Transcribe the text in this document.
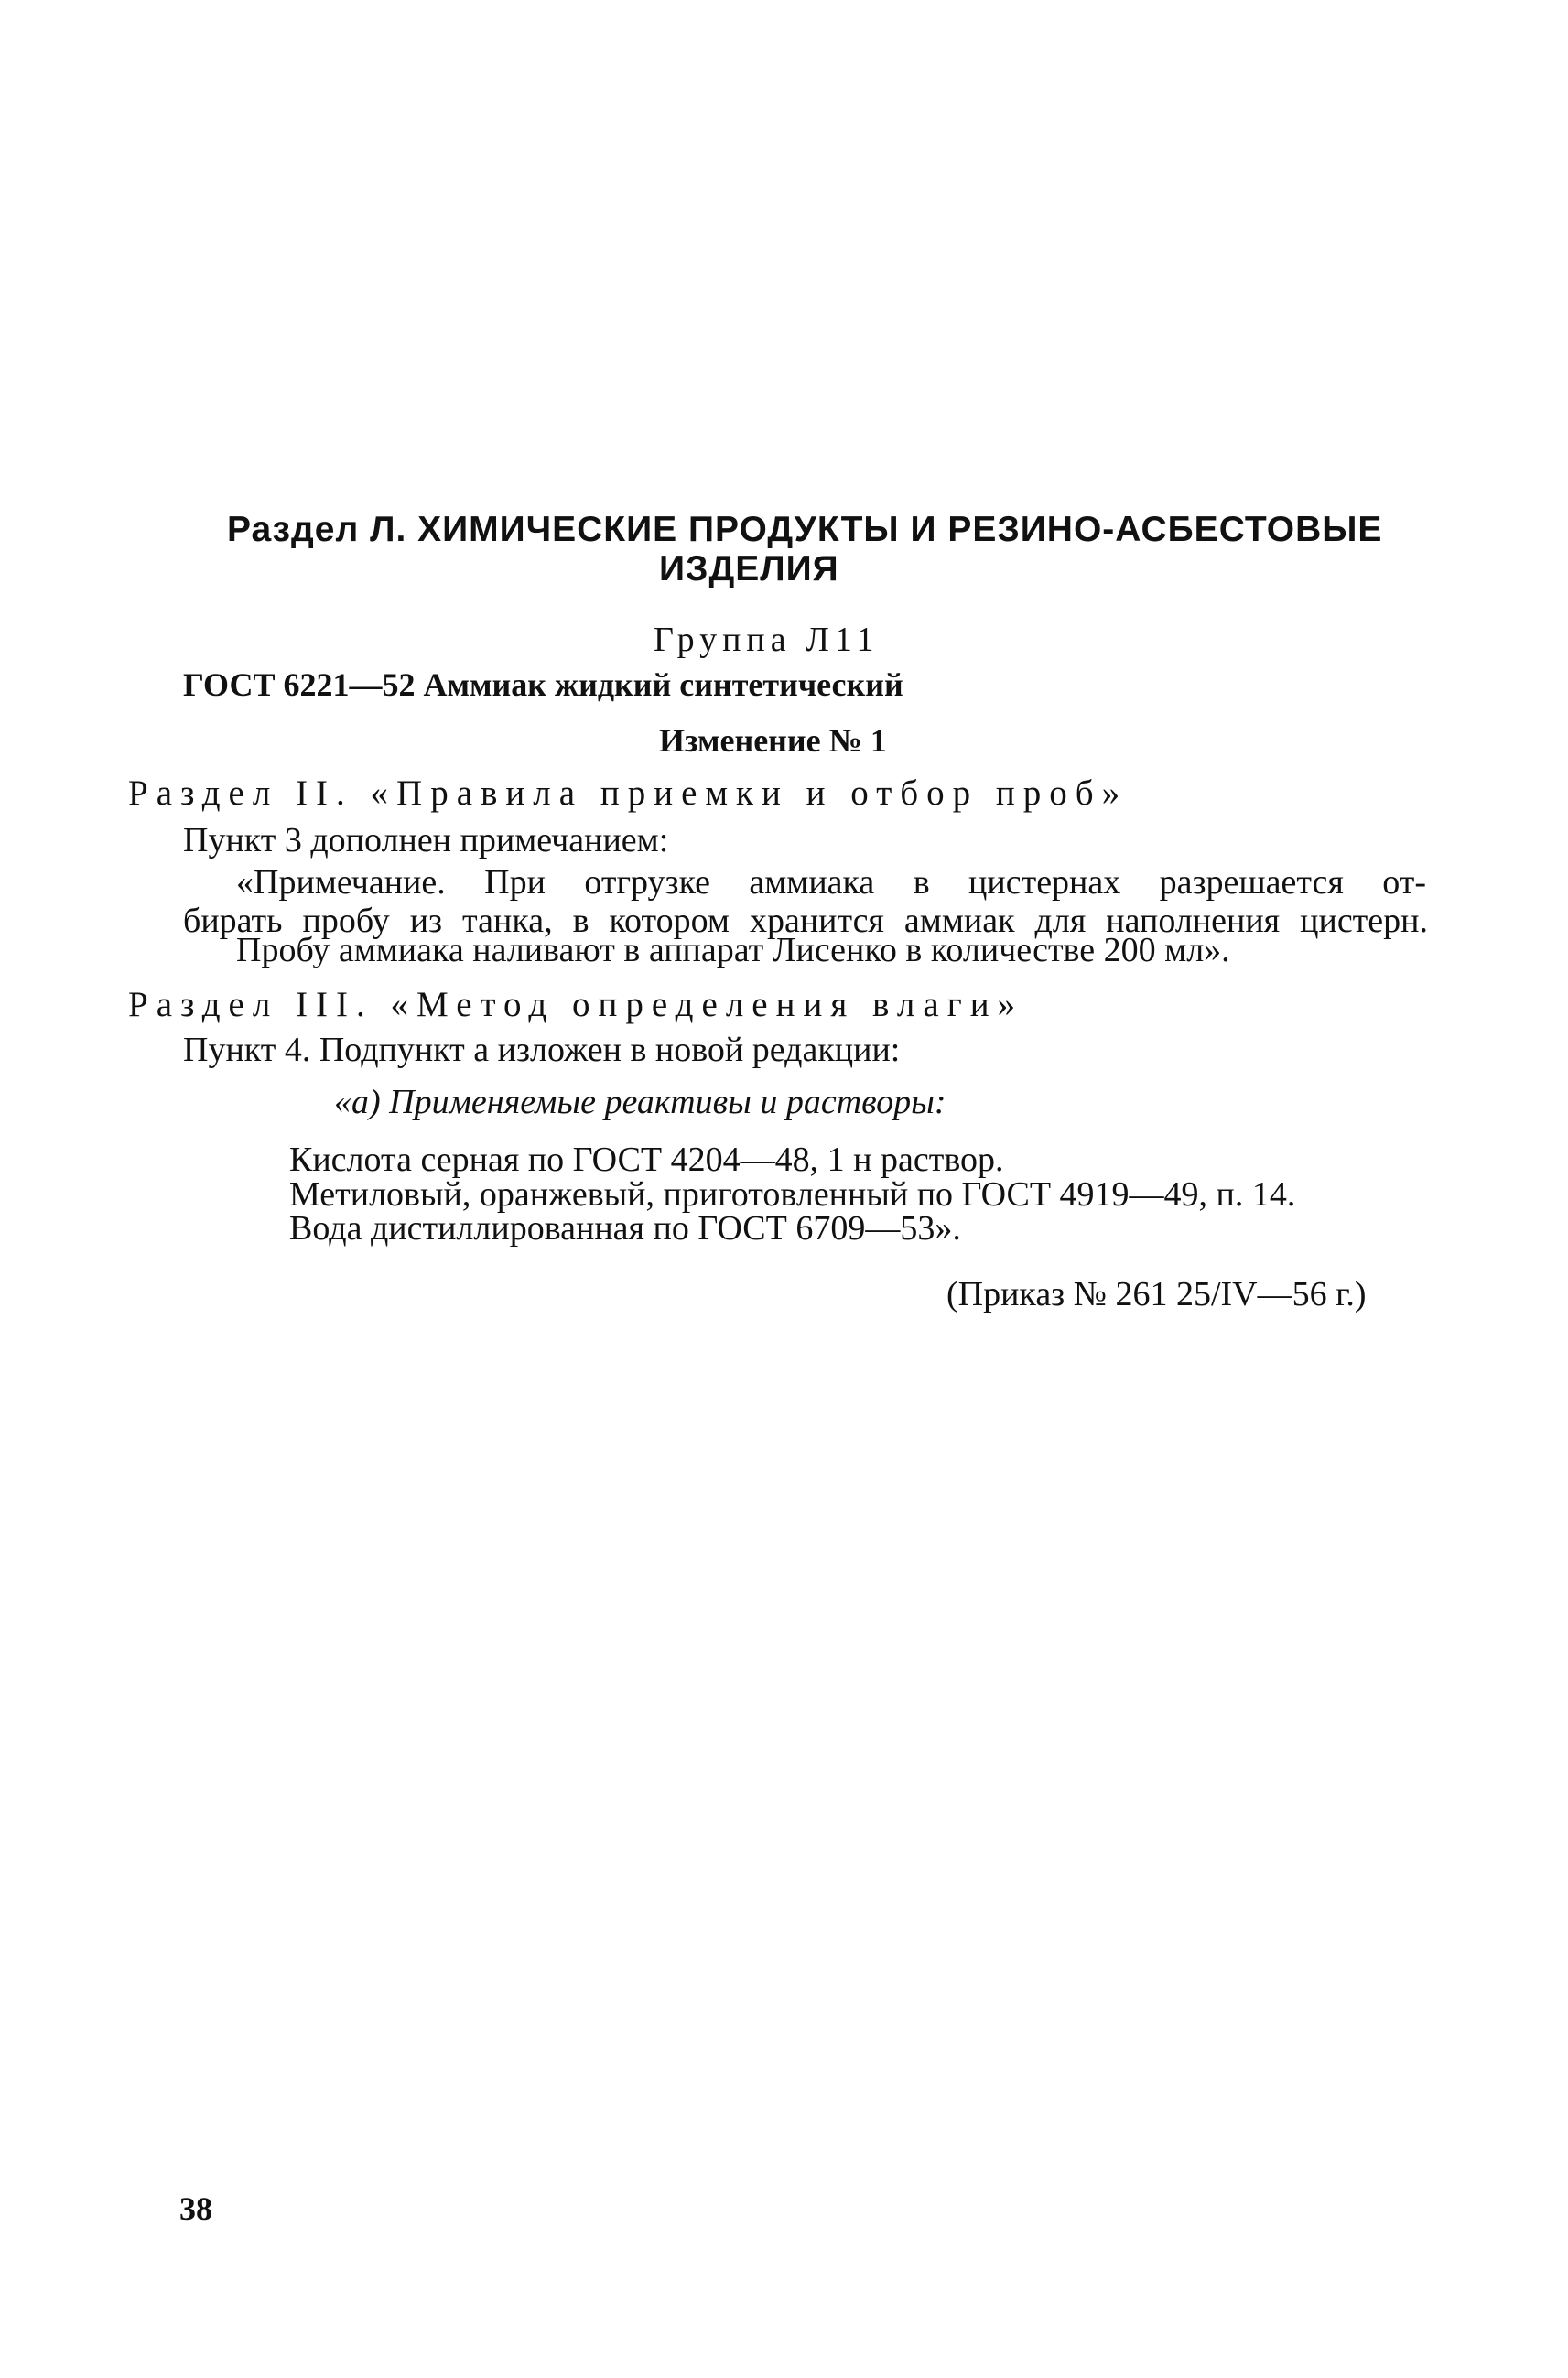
Раздел Л. ХИМИЧЕСКИЕ ПРОДУКТЫ И РЕЗИНО-АСБЕСТОВЫЕ
ИЗДЕЛИЯ
Группа Л11
ГОСТ 6221—52 Аммиак жидкий синтетический
Изменение № 1
Раздел II. «Правила приемки и отбор проб»
Пункт 3 дополнен примечанием:
«Примечание. При отгрузке аммиака в цистернах разрешается от-
бирать пробу из танка, в котором хранится аммиак для наполнения цистерн.
Пробу аммиака наливают в аппарат Лисенко в количестве 200 мл».
Раздел III. «Метод определения влаги»
Пункт 4. Подпункт а изложен в новой редакции:
«а) Применяемые реактивы и растворы:
Кислота серная по ГОСТ 4204—48, 1 н раствор.
Метиловый, оранжевый, приготовленный по ГОСТ 4919—49, п. 14.
Вода дистиллированная по ГОСТ 6709—53».
(Приказ № 261 25/IV—56 г.)
38
